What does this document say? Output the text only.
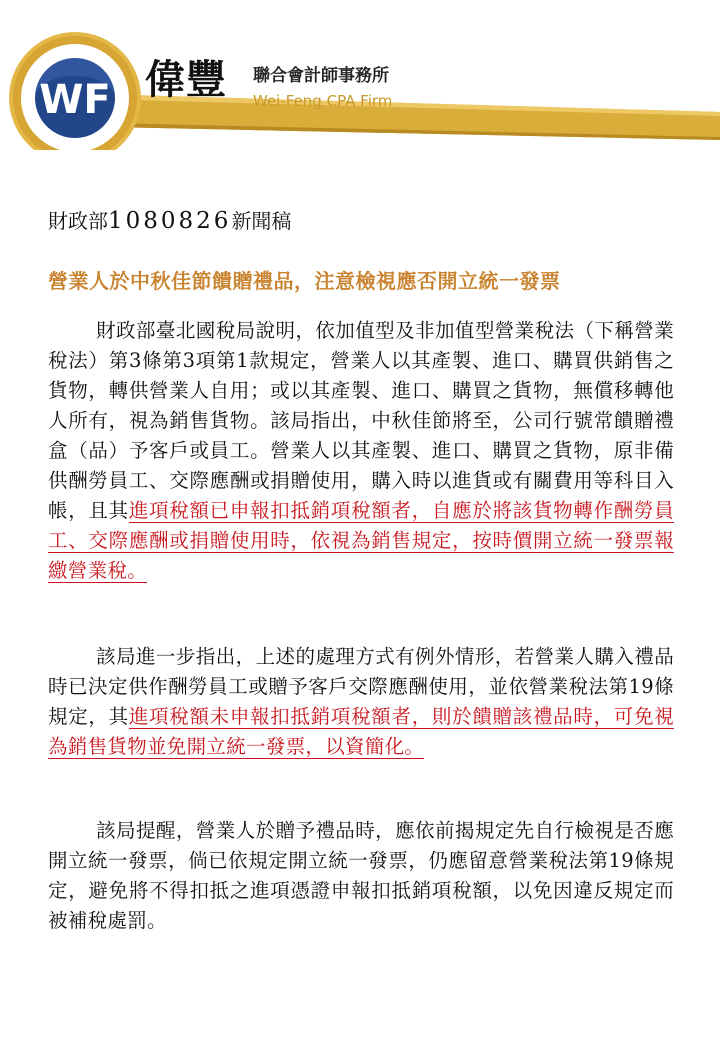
WF 偉豐 聯合會計師事務所
Wei-Feng CPA Firm
財政部1080826新聞稿
營業人於中秋佳節饋贈禮品，注意檢視應否開立統一發票
財政部臺北國稅局說明，依加值型及非加值型營業稅法（下稱營業稅法）第3條第3項第1款規定，營業人以其產製、進口、購買供銷售之貨物，轉供營業人自用；或以其產製、進口、購買之貨物，無償移轉他人所有，視為銷售貨物。該局指出，中秋佳節將至，公司行號常饋贈禮盒（品）予客戶或員工。營業人以其產製、進口、購買之貨物，原非備供酬勞員工、交際應酬或捐贈使用，購入時以進貨或有關費用等科目入帳，且其進項稅額已申報扣抵銷項稅額者，自應於將該貨物轉作酬勞員工、交際應酬或捐贈使用時，依視為銷售規定，按時價開立統一發票報繳營業稅。
該局進一步指出，上述的處理方式有例外情形，若營業人購入禮品時已決定供作酬勞員工或贈予客戶交際應酬使用，並依營業稅法第19條規定，其進項稅額未申報扣抵銷項稅額者，則於饋贈該禮品時，可免視為銷售貨物並免開立統一發票，以資簡化。
該局提醒，營業人於贈予禮品時，應依前揭規定先自行檢視是否應開立統一發票，倘已依規定開立統一發票，仍應留意營業稅法第19條規定，避免將不得扣抵之進項憑證申報扣抵銷項稅額，以免因違反規定而被補稅處罰。
